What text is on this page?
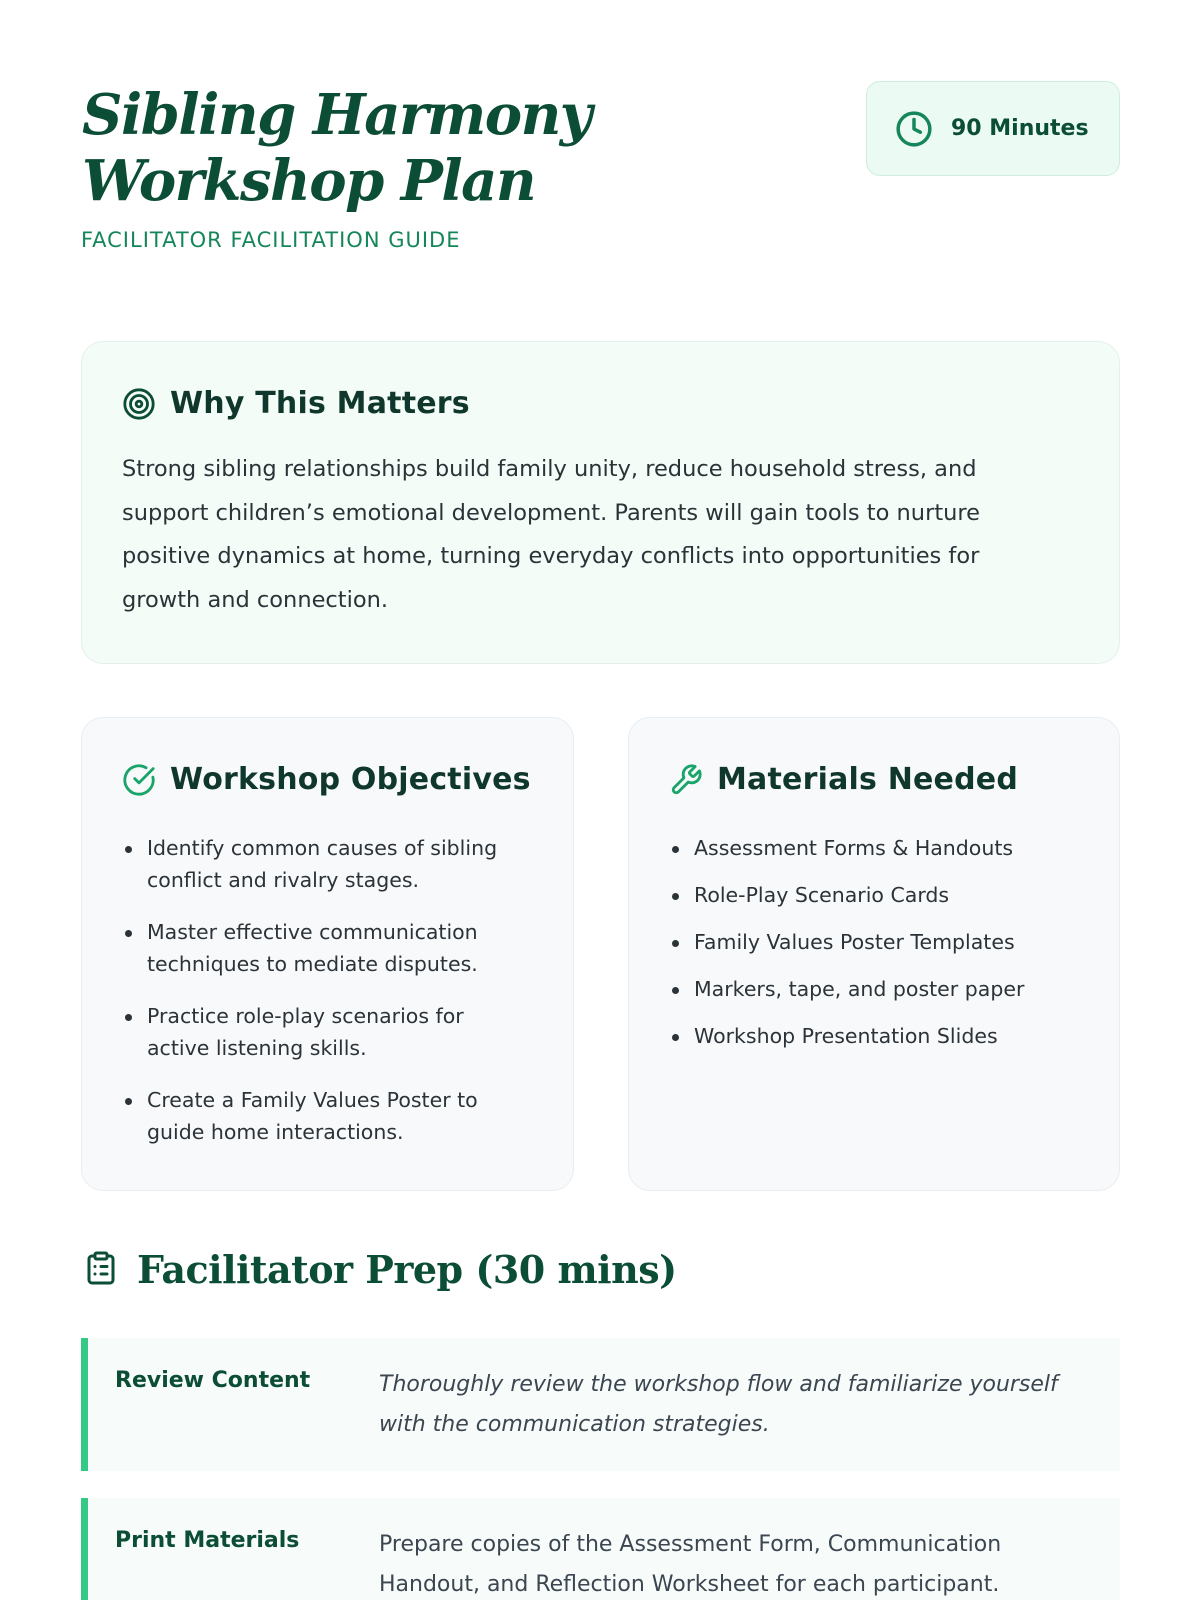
Sibling Harmony Workshop Plan
FACILITATOR FACILITATION GUIDE
90 Minutes
Why This Matters

Strong sibling relationships build family unity, reduce household stress, and support children’s emotional development. Parents will gain tools to nurture positive dynamics at home, turning everyday conflicts into opportunities for growth and connection.

Workshop Objectives
Identify common causes of sibling conflict and rivalry stages.
Master effective communication techniques to mediate disputes.
Practice role-play scenarios for active listening skills.
Create a Family Values Poster to guide home interactions.
Materials Needed
Assessment Forms & Handouts
Role-Play Scenario Cards
Family Values Poster Templates
Markers, tape, and poster paper
Workshop Presentation Slides
Facilitator Prep (30 mins)
Review Content	Thoroughly review the workshop flow and familiarize yourself with the communication strategies.

Print Materials	Prepare copies of the Assessment Form, Communication Handout, and Reflection Worksheet for each participant.
